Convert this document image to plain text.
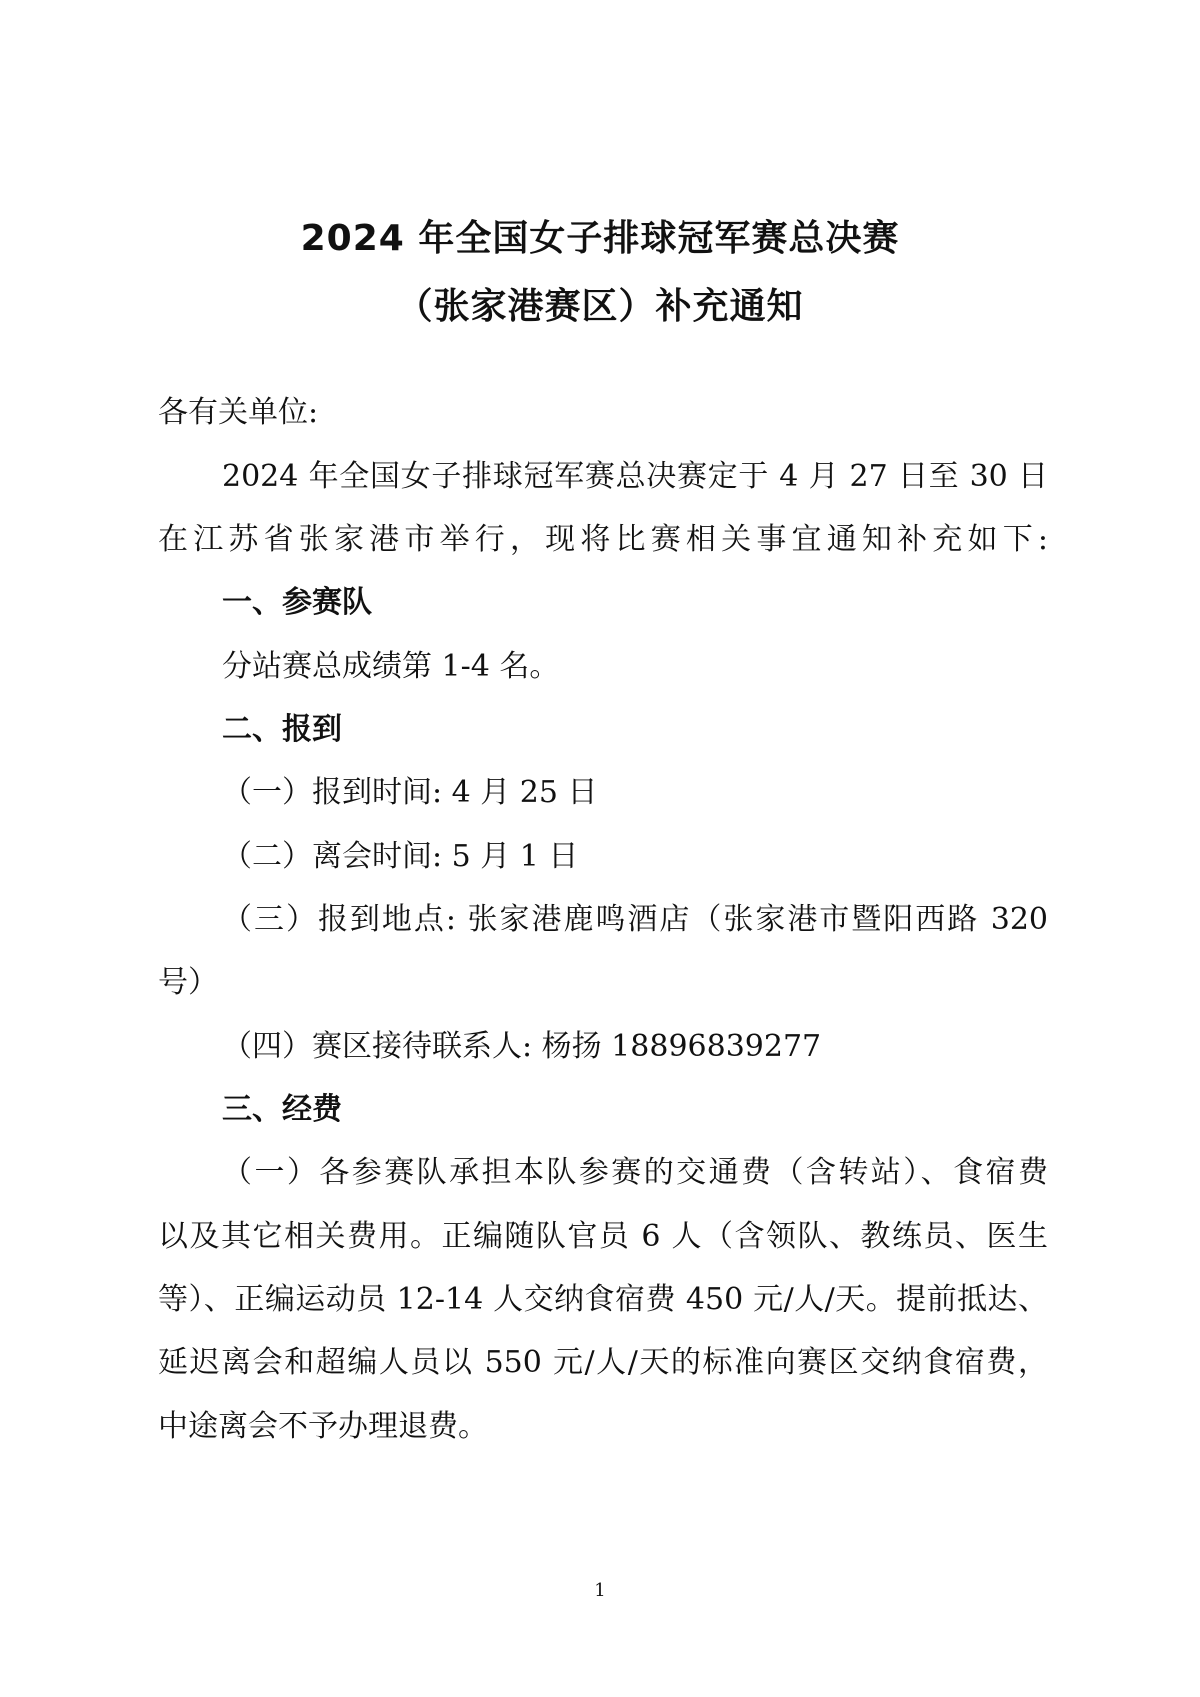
2024 年全国女子排球冠军赛总决赛
（张家港赛区）补充通知
各有关单位:
2024 年全国女子排球冠军赛总决赛定于 4 月 27 日至 30 日
在江苏省张家港市举行，现将比赛相关事宜通知补充如下:
一、参赛队
分站赛总成绩第 1-4 名。
二、报到
（一）报到时间: 4 月 25 日
（二）离会时间: 5 月 1 日
（三）报到地点: 张家港鹿鸣酒店（张家港市暨阳西路 320
号）
（四）赛区接待联系人: 杨扬 18896839277
三、经费
（一）各参赛队承担本队参赛的交通费（含转站）、食宿费
以及其它相关费用。正编随队官员 6 人（含领队、教练员、医生
等）、正编运动员 12-14 人交纳食宿费 450 元/人/天。提前抵达、
延迟离会和超编人员以 550 元/人/天的标准向赛区交纳食宿费，
中途离会不予办理退费。
1
